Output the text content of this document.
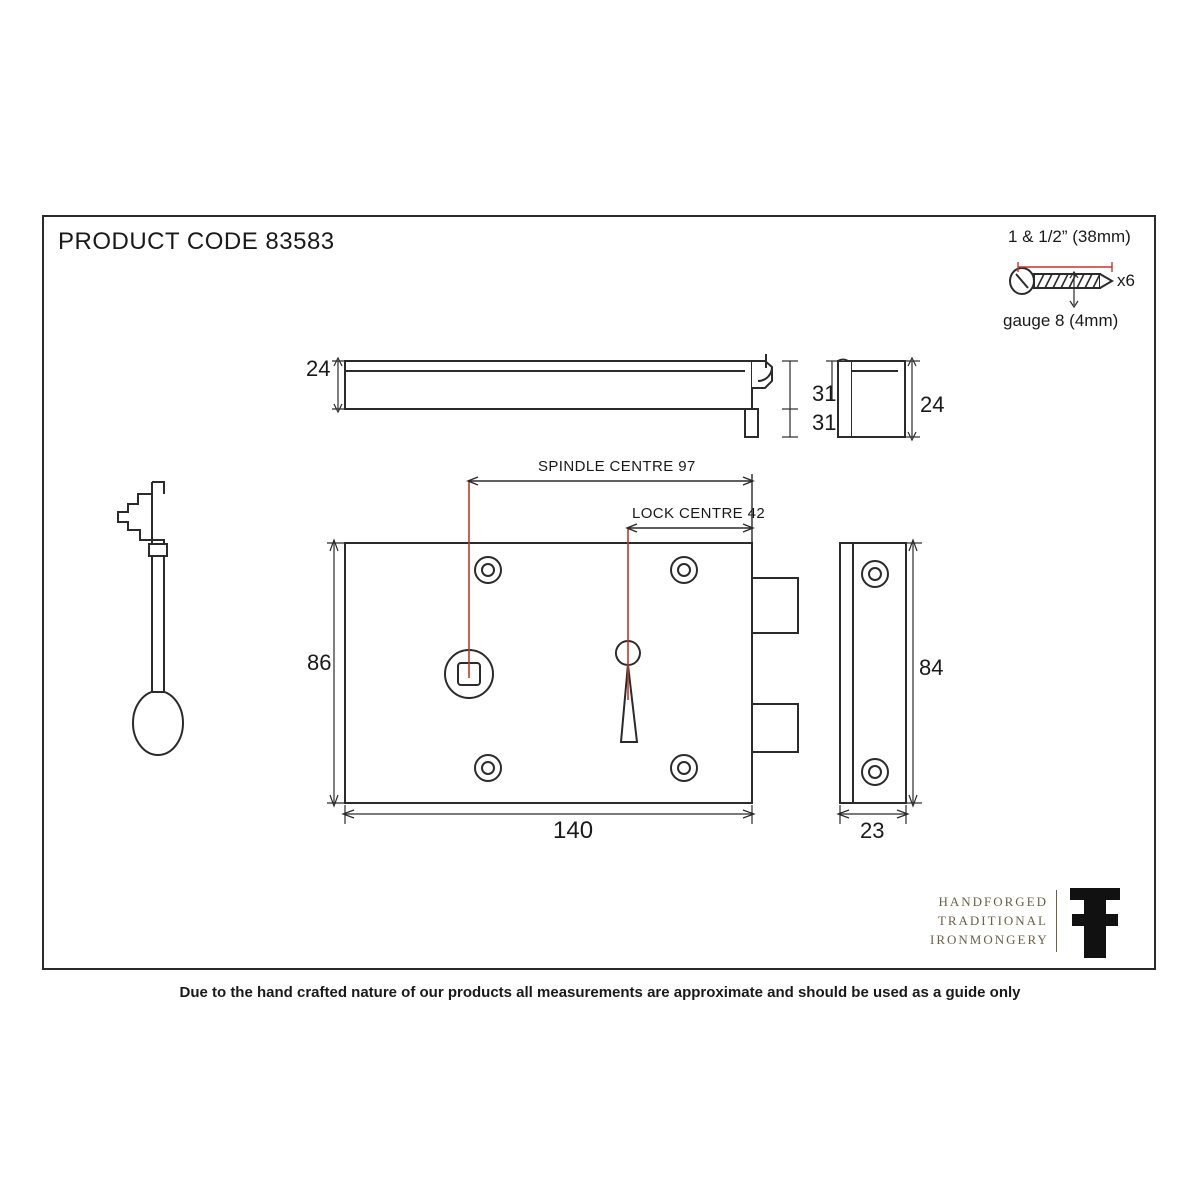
PRODUCT CODE 83583	1 & 1/2” (38mm)
gauge 8 (4mm)
x6
24
31
31
24
86
140
84
23
SPINDLE CENTRE 97
LOCK CENTRE 42
HANDFORGED
TRADITIONAL
IRONMONGERY
Due to the hand crafted nature of our products all measurements are approximate and should be used as a guide only
